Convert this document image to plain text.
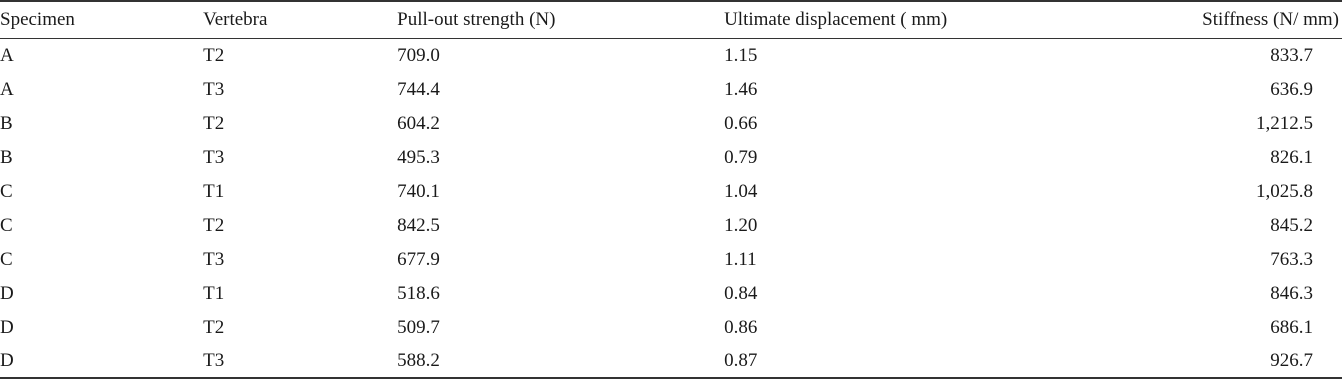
Specimen	Vertebra	Pull-out strength (N)	Ultimate displacement ( mm)	Stiffness (N/ mm)
A	T2	709.0	1.15	833.7
A	T3	744.4	1.46	636.9
B	T2	604.2	0.66	1,212.5
B	T3	495.3	0.79	826.1
C	T1	740.1	1.04	1,025.8
C	T2	842.5	1.20	845.2
C	T3	677.9	1.11	763.3
D	T1	518.6	0.84	846.3
D	T2	509.7	0.86	686.1
D	T3	588.2	0.87	926.7
